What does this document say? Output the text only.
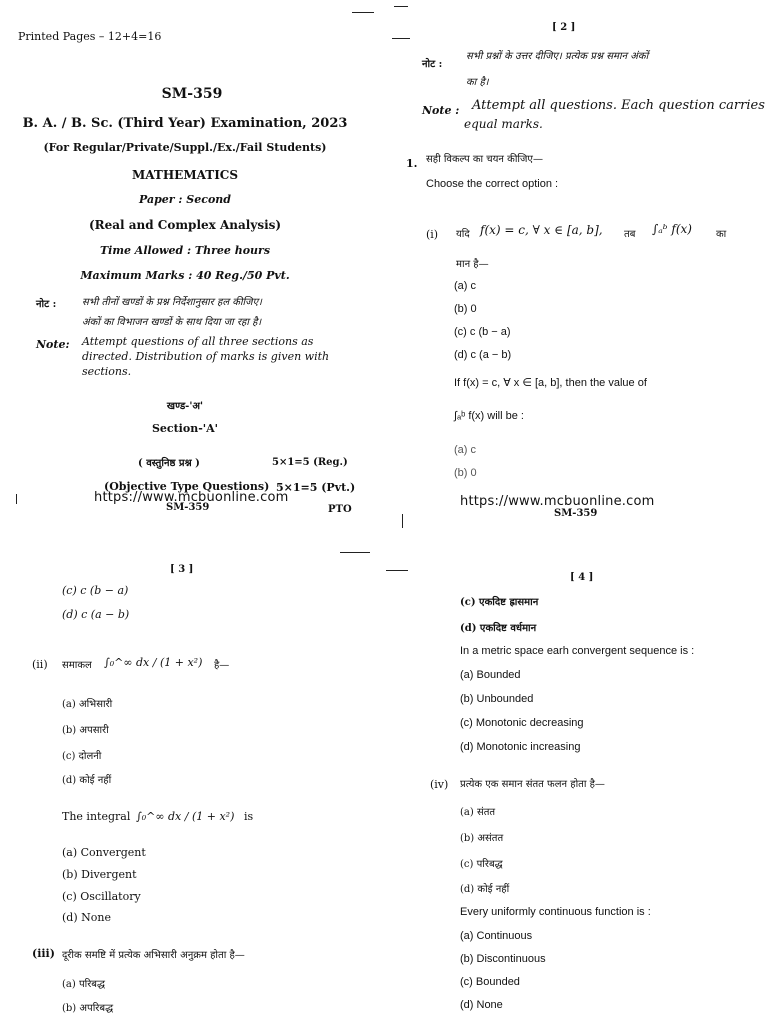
Printed Pages – 12+4=16
SM-359
B. A. / B. Sc. (Third Year) Examination, 2023
(For Regular/Private/Suppl./Ex./Fail Students)
MATHEMATICS
Paper : Second
(Real and Complex Analysis)
Time Allowed : Three hours
Maximum Marks : 40 Reg./50 Pvt.
नोट :	सभी तीनों खण्डों के प्रश्न निर्देशानुसार हल कीजिए।
अंकों का विभाजन खण्डों के साथ दिया जा रहा है।
Note: Attempt questions of all three sections as directed. Distribution of marks is given with sections.
खण्ड-'अ'
Section-'A'
( वस्तुनिष्ठ प्रश्न )	5×1=5 (Reg.)
(Objective Type Questions) 5×1=5 (Pvt.)
SM-359	PTO
https://www.mcbuonline.com
[ 2 ]
नोट :
सभी प्रश्नों के उत्तर दीजिए। प्रत्येक प्रश्न समान अंकों
का है।
Note : Attempt all questions. Each question carries
equal marks.
1. सही विकल्प का चयन कीजिए—
Choose the correct option :
(i) यदि f(x) = c, ∀ x ∈ [a, b], तब ∫ₐᵇ f(x) का
मान है—
(a) c
(b) 0
(c) c (b − a)
(d) c (a − b)
If f(x) = c, ∀ x ∈ [a, b], then the value of
∫ₐᵇ f(x) will be :
(a) c
(b) 0
SM-359
https://www.mcbuonline.com
[ 3 ]
(c) c (b − a)
(d) c (a − b)
(ii) समाकल ∫₀^∞ dx / (1 + x²) है—
(a) अभिसारी
(b) अपसारी
(c) दोलनी
(d) कोई नहीं
The integral ∫₀^∞ dx / (1 + x²) is
(a) Convergent
(b) Divergent
(c) Oscillatory
(d) None
(iii) दूरीक समष्टि में प्रत्येक अभिसारी अनुक्रम होता है—
(a) परिबद्ध
(b) अपरिबद्ध
[ 4 ]
(c) एकदिष्ट ह्रासमान
(d) एकदिष्ट वर्धमान
In a metric space earh convergent sequence is :
(a) Bounded
(b) Unbounded
(c) Monotonic decreasing
(d) Monotonic increasing
(iv) प्रत्येक एक समान संतत फलन होता है—
(a) संतत
(b) असंतत
(c) परिबद्ध
(d) कोई नहीं
Every uniformly continuous function is :
(a) Continuous
(b) Discontinuous
(c) Bounded
(d) None
